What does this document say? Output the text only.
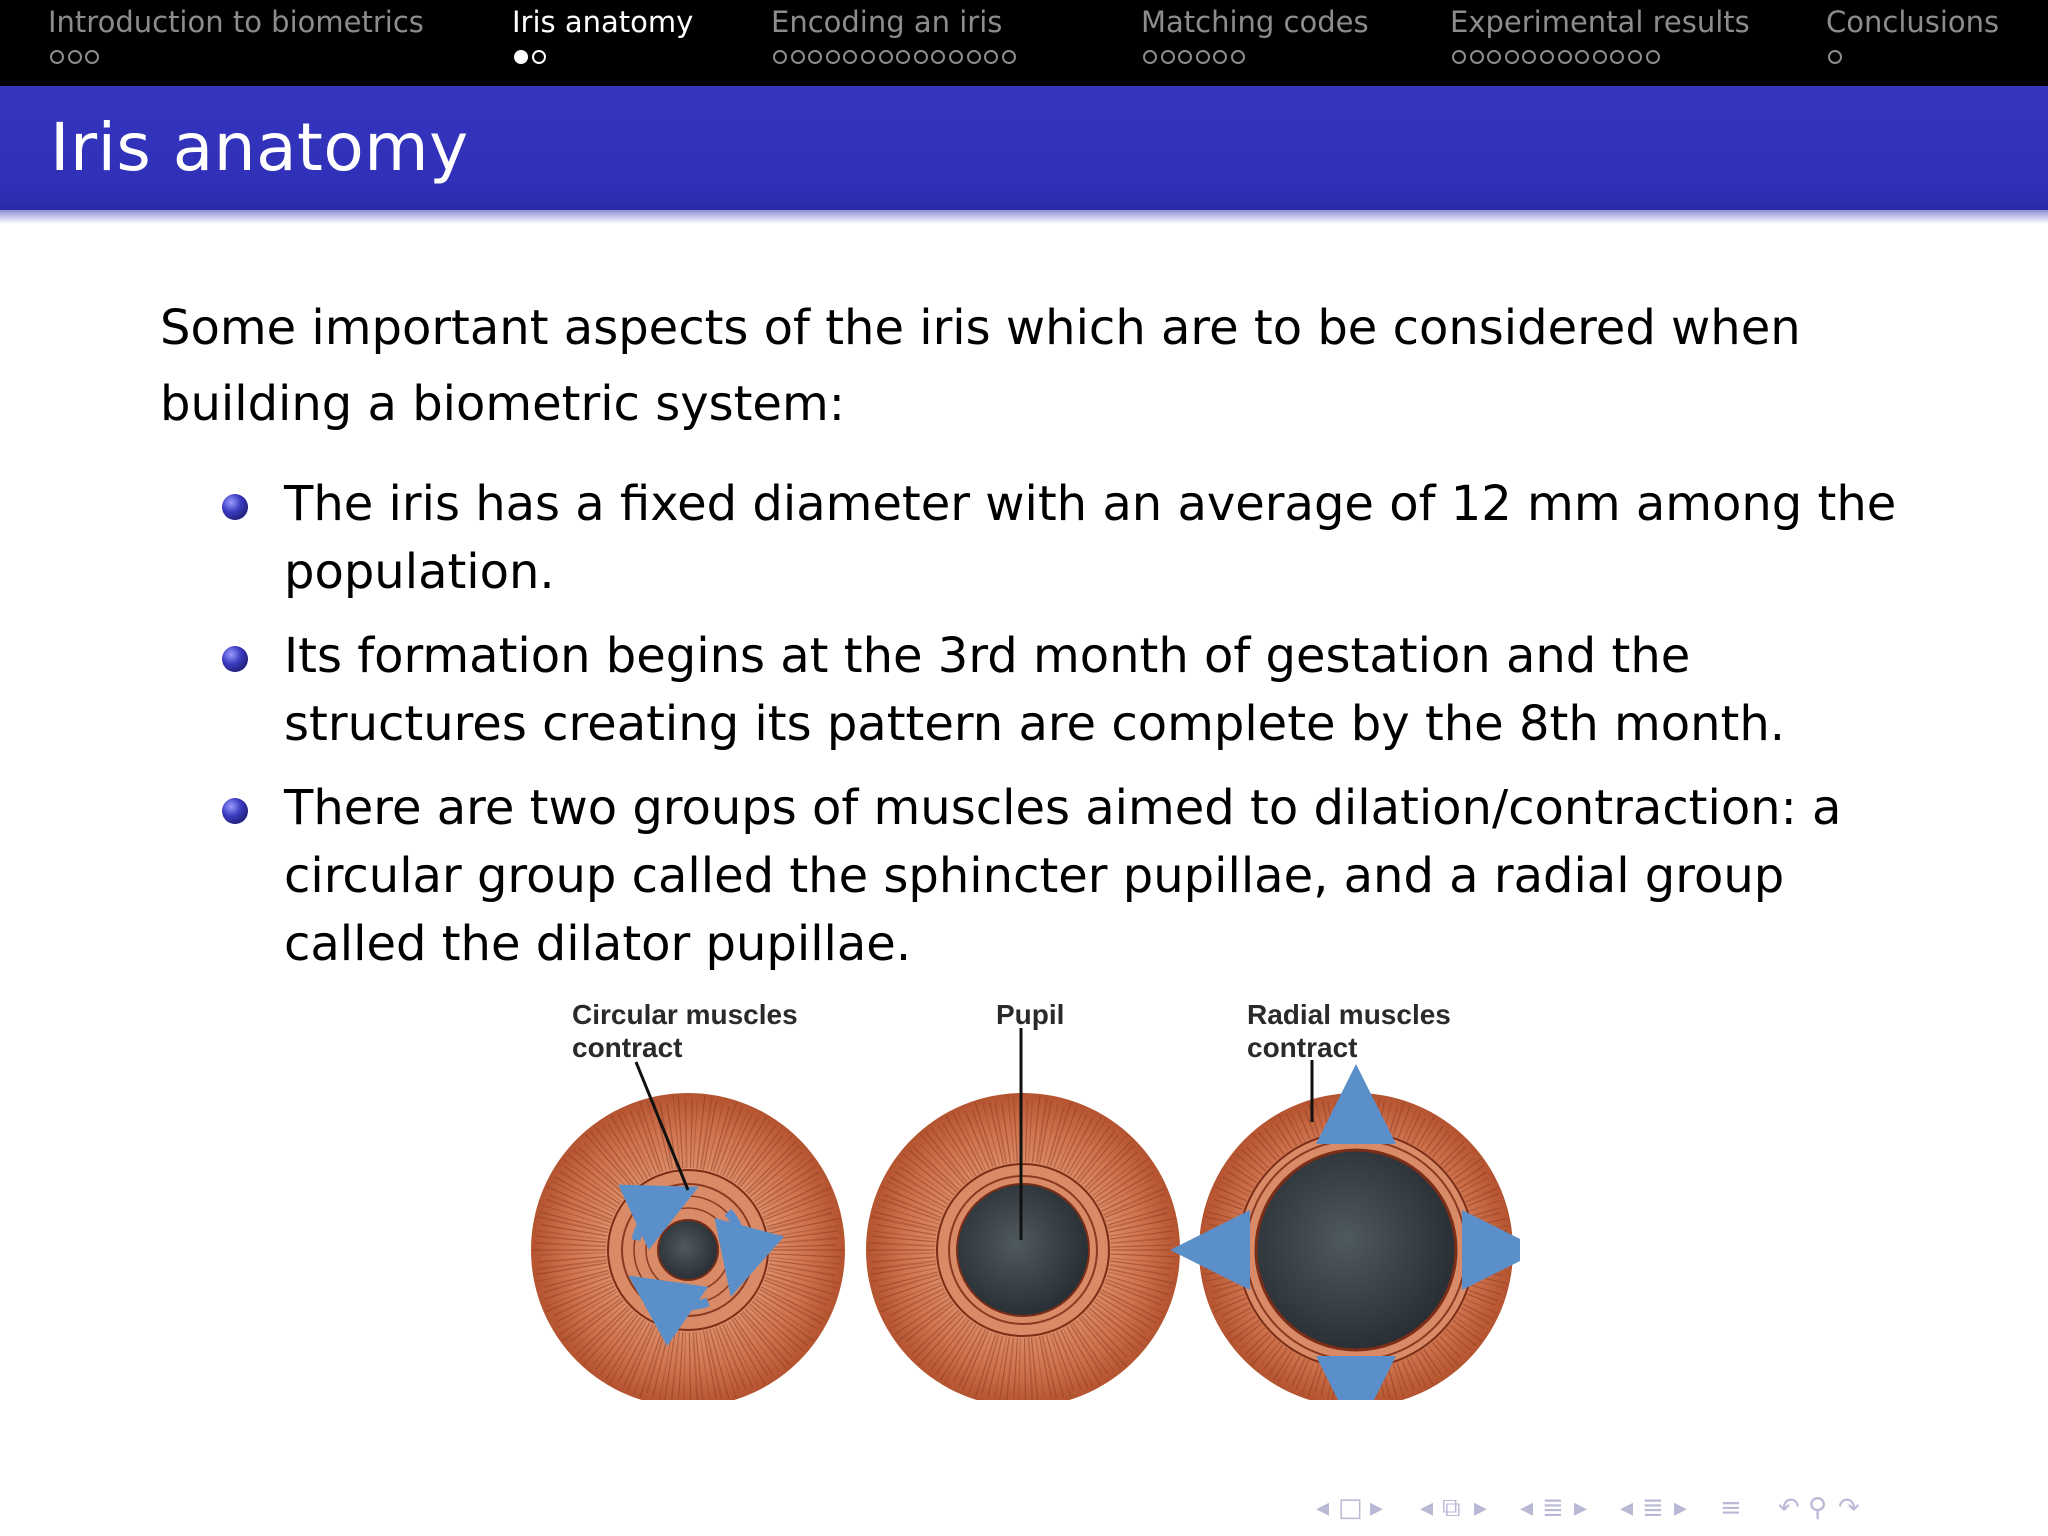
Introduction to biometrics	Iris anatomy	Encoding an iris	Matching codes	Experimental results	Conclusions
Iris anatomy

Some important aspects of the iris which are to be considered when building a biometric system:

The iris has a fixed diameter with an average of 12 mm among the population.
Its formation begins at the 3rd month of gestation and the structures creating its pattern are complete by the 8th month.
There are two groups of muscles aimed to dilation/contraction: a circular group called the sphincter pupillae, and a radial group called the dilator pupillae.
Circular muscles
contract
Pupil	Radial muscles
contract
◂ □ ▸ ◂ ⧉ ▸ ◂ ≣ ▸ ◂ ≣ ▸ ≡ ↶ ⚲ ↷
